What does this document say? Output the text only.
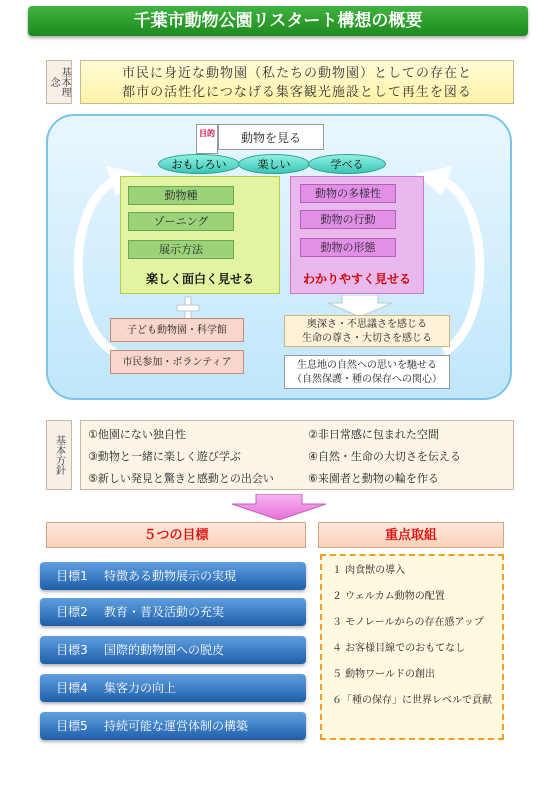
千葉市動物公園リスタート構想の概要
基本理念
市民に身近な動物園（私たちの動物園）としての存在と
都市の活性化につなげる集客観光施設として再生を図る
目的	動物を見る
おもしろい	楽しい	学べる
動物種
ゾーニング
展示方法
楽しく面白く見せる
動物の多様性
動物の行動
動物の形態
わかりやすく見せる
子ども動物園・科学館
市民参加・ボランティア
奥深さ・不思議さを感じる
生命の尊さ・大切さを感じる
生息地の自然への思いを馳せる
（自然保護・種の保存への関心）
基本方針
①他園にない独自性	②非日常感に包まれた空間
③動物と一緒に楽しく遊び学ぶ	④自然・生命の大切さを伝える
⑤新しい発見と驚きと感動との出会い	⑥来園者と動物の輪を作る
５つの目標	重点取組
目標1	特徴ある動物展示の実現
目標2	教育・普及活動の充実
目標3	国際的動物園への脱皮
目標4	集客力の向上
目標5	持続可能な運営体制の構築
１ 肉食獣の導入
２ ウェルカム動物の配置
３ モノレールからの存在感アップ
４ お客様目線でのおもてなし
５ 動物ワールドの創出
６「種の保存」に世界レベルで貢献
